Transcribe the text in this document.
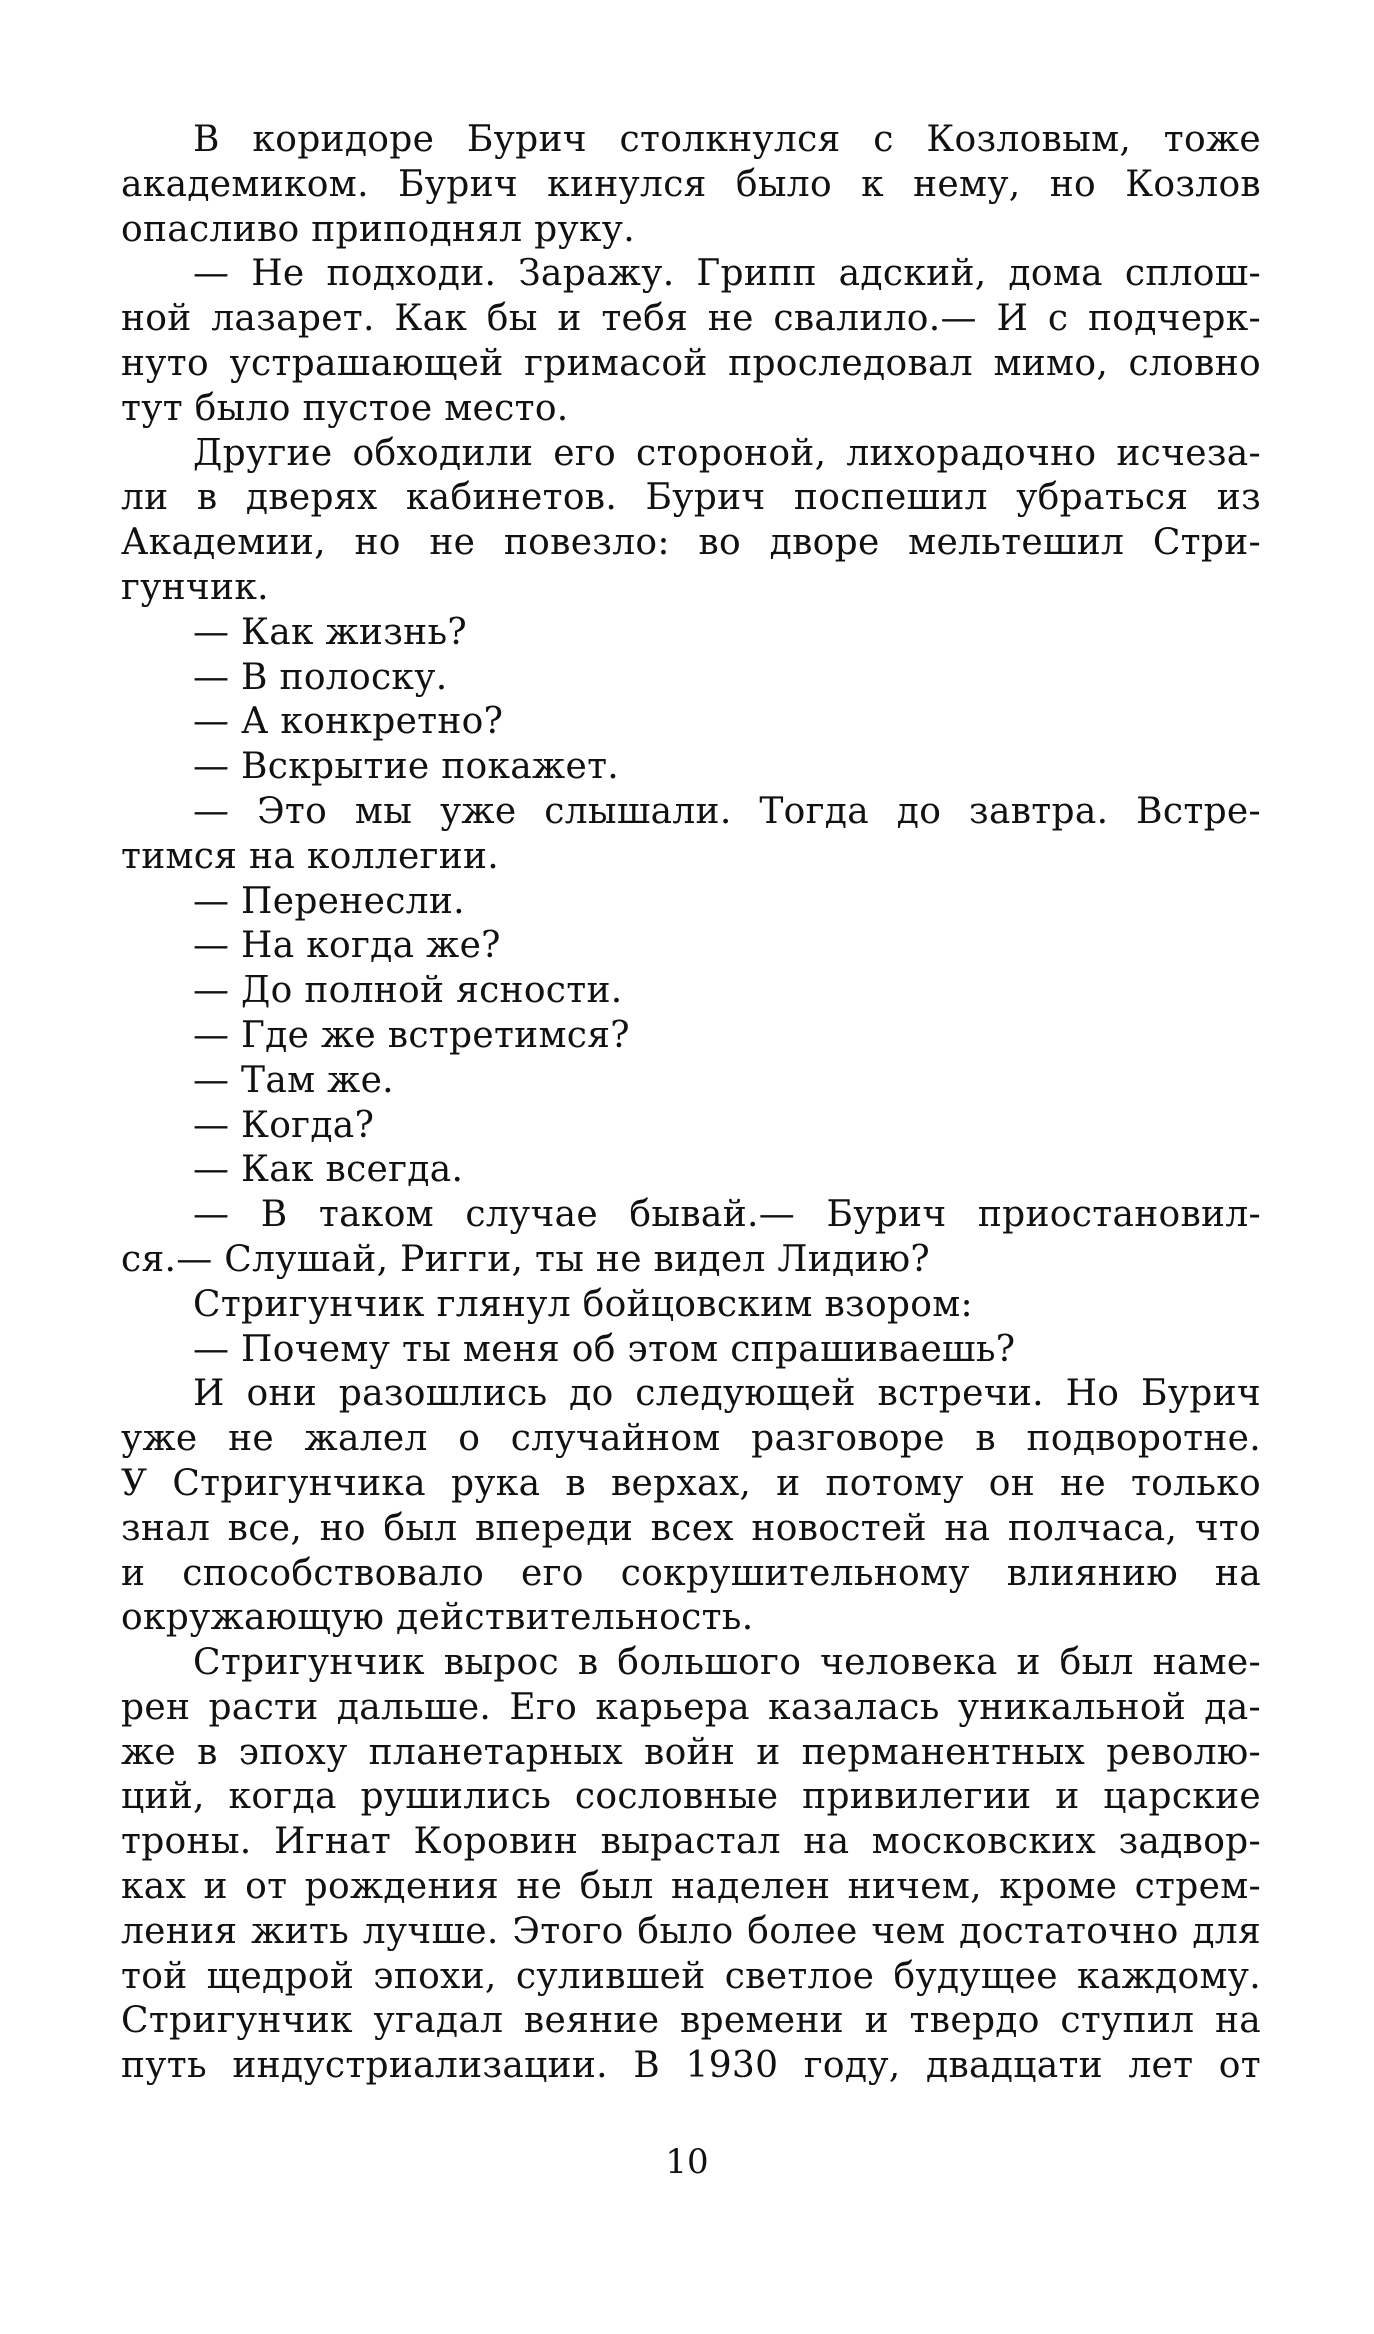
В коридоре Бурич столкнулся с Козловым, тоже
академиком. Бурич кинулся было к нему, но Козлов
опасливо приподнял руку.
— Не подходи. Заражу. Грипп адский, дома сплош-
ной лазарет. Как бы и тебя не свалило.— И с подчерк-
нуто устрашающей гримасой проследовал мимо, словно
тут было пустое место.
Другие обходили его стороной, лихорадочно исчеза-
ли в дверях кабинетов. Бурич поспешил убраться из
Академии, но не повезло: во дворе мельтешил Стри-
гунчик.
— Как жизнь?
— В полоску.
— А конкретно?
— Вскрытие покажет.
— Это мы уже слышали. Тогда до завтра. Встре-
тимся на коллегии.
— Перенесли.
— На когда же?
— До полной ясности.
— Где же встретимся?
— Там же.
— Когда?
— Как всегда.
— В таком случае бывай.— Бурич приостановил-
ся.— Слушай, Ригги, ты не видел Лидию?
Стригунчик глянул бойцовским взором:
— Почему ты меня об этом спрашиваешь?
И они разошлись до следующей встречи. Но Бурич
уже не жалел о случайном разговоре в подворотне.
У Стригунчика рука в верхах, и потому он не только
знал все, но был впереди всех новостей на полчаса, что
и способствовало его сокрушительному влиянию на
окружающую действительность.
Стригунчик вырос в большого человека и был наме-
рен расти дальше. Его карьера казалась уникальной да-
же в эпоху планетарных войн и перманентных револю-
ций, когда рушились сословные привилегии и царские
троны. Игнат Коровин вырастал на московских задвор-
ках и от рождения не был наделен ничем, кроме стрем-
ления жить лучше. Этого было более чем достаточно для
той щедрой эпохи, сулившей светлое будущее каждому.
Стригунчик угадал веяние времени и твердо ступил на
путь индустриализации. В 1930 году, двадцати лет от
10
